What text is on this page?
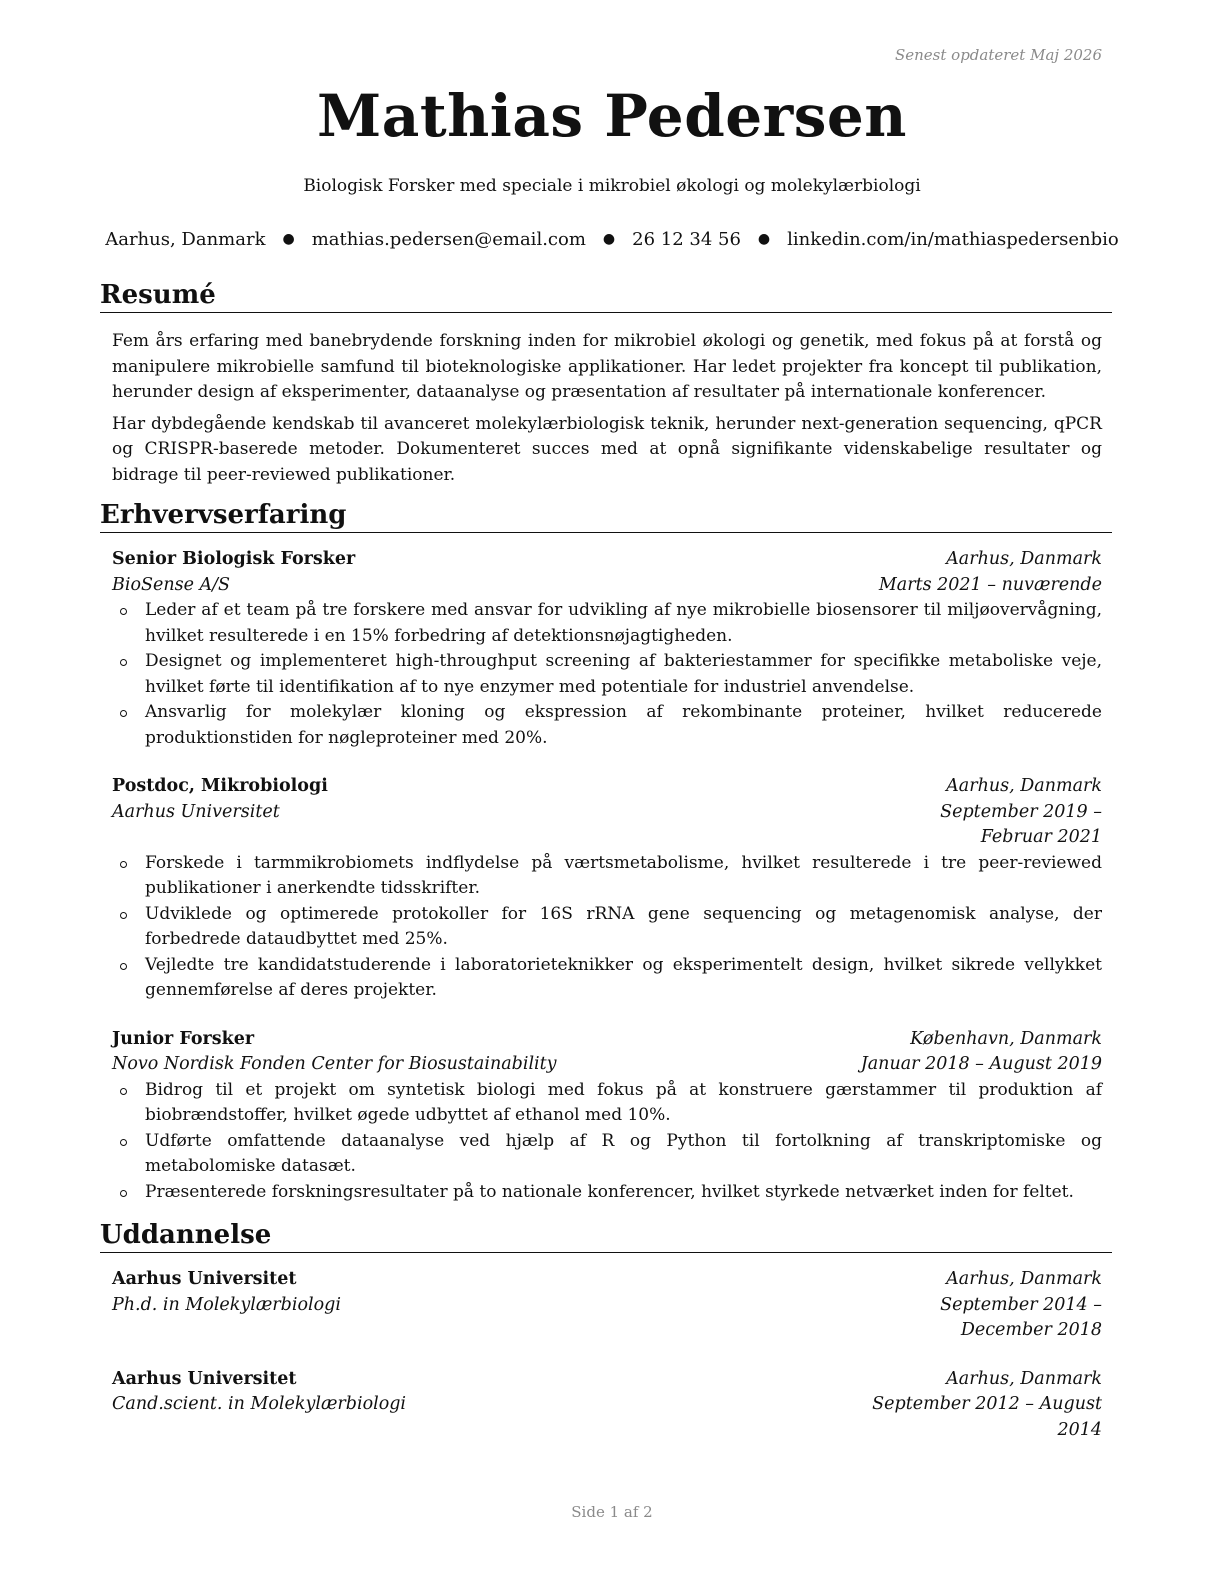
Senest opdateret Maj 2026

Mathias Pedersen

Biologisk Forsker med speciale i mikrobiel økologi og molekylærbiologi

Aarhus, Danmark ● mathias.pedersen@email.com ● 26 12 34 56 ● linkedin.com/in/mathiaspedersenbio

Resumé

Fem års erfaring med banebrydende forskning inden for mikrobiel økologi og genetik, med fokus på at forstå og manipulere mikrobielle samfund til bioteknologiske applikationer. Har ledet projekter fra koncept til publikation, herunder design af eksperimenter, dataanalyse og præsentation af resultater på internationale konferencer.

Har dybdegående kendskab til avanceret molekylærbiologisk teknik, herunder next-generation sequencing, qPCR og CRISPR-baserede metoder. Dokumenteret succes med at opnå signifikante videnskabelige resultater og bidrage til peer-reviewed publikationer.

Erhvervserfaring
Senior Biologisk Forsker	Aarhus, Danmark
BioSense A/S	Marts 2021 – nuværende
Leder af et team på tre forskere med ansvar for udvikling af nye mikrobielle biosensorer til miljøovervågning, hvilket resulterede i en 15% forbedring af detektionsnøjagtigheden.
Designet og implementeret high-throughput screening af bakteriestammer for specifikke metaboliske veje, hvilket førte til identifikation af to nye enzymer med potentiale for industriel anvendelse.
Ansvarlig for molekylær kloning og ekspression af rekombinante proteiner, hvilket reducerede produktionstiden for nøgleproteiner med 20%.
Postdoc, Mikrobiologi	Aarhus, Danmark
Aarhus Universitet	September 2019 – Februar 2021
Forskede i tarmmikrobiomets indflydelse på værtsmetabolisme, hvilket resulterede i tre peer-reviewed publikationer i anerkendte tidsskrifter.
Udviklede og optimerede protokoller for 16S rRNA gene sequencing og metagenomisk analyse, der forbedrede dataudbyttet med 25%.
Vejledte tre kandidatstuderende i laboratorieteknikker og eksperimentelt design, hvilket sikrede vellykket gennemførelse af deres projekter.
Junior Forsker	København, Danmark
Novo Nordisk Fonden Center for Biosustainability	Januar 2018 – August 2019
Bidrog til et projekt om syntetisk biologi med fokus på at konstruere gærstammer til produktion af biobrændstoffer, hvilket øgede udbyttet af ethanol med 10%.
Udførte omfattende dataanalyse ved hjælp af R og Python til fortolkning af transkriptomiske og metabolomiske datasæt.
Præsenterede forskningsresultater på to nationale konferencer, hvilket styrkede netværket inden for feltet.
Uddannelse
Aarhus Universitet	Aarhus, Danmark
Ph.d. in Molekylærbiologi	September 2014 – December 2018
Aarhus Universitet	Aarhus, Danmark
Cand.scient. in Molekylærbiologi	September 2012 – August 2014

Side 1 af 2
